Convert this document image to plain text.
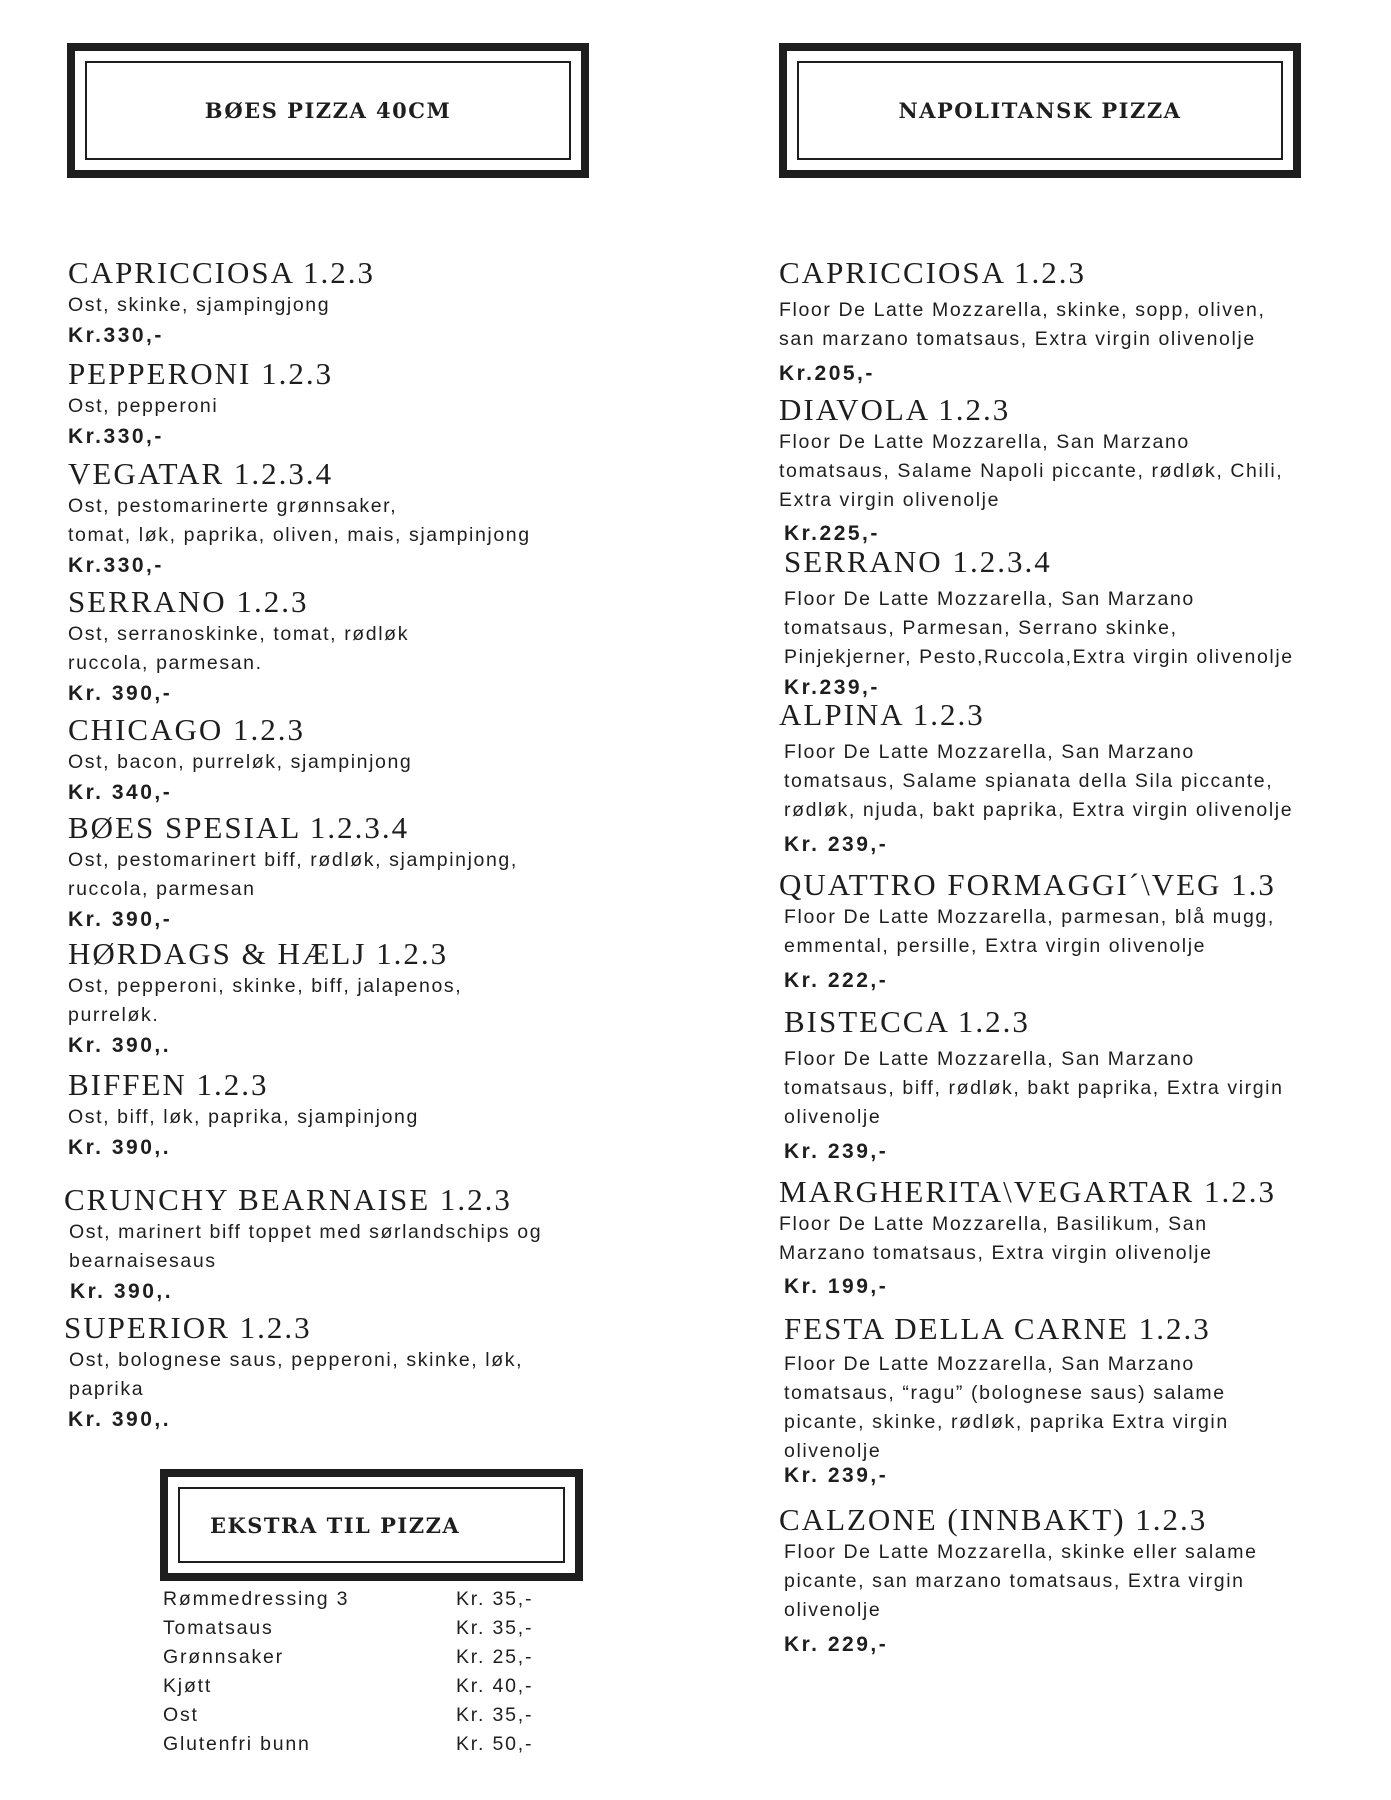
BØES PIZZA 40CM	NAPOLITANSK PIZZA
CAPRICCIOSA 1.2.3
Ost, skinke, sjampingjong
Kr.330,-
PEPPERONI 1.2.3
Ost, pepperoni
Kr.330,-
VEGATAR 1.2.3.4
Ost, pestomarinerte grønnsaker,
tomat, løk, paprika, oliven, mais, sjampinjong
Kr.330,-
SERRANO 1.2.3
Ost, serranoskinke, tomat, rødløk
ruccola, parmesan.
Kr. 390,-
CHICAGO 1.2.3
Ost, bacon, purreløk, sjampinjong
Kr. 340,-
BØES SPESIAL 1.2.3.4
Ost, pestomarinert biff, rødløk, sjampinjong,
ruccola, parmesan
Kr. 390,-
HØRDAGS & HÆLJ 1.2.3
Ost, pepperoni, skinke, biff, jalapenos,
purreløk.
Kr. 390,.
BIFFEN 1.2.3
Ost, biff, løk, paprika, sjampinjong
Kr. 390,.
CRUNCHY BEARNAISE 1.2.3
Ost, marinert biff toppet med sørlandschips og
bearnaisesaus
Kr. 390,.
SUPERIOR 1.2.3
Ost, bolognese saus, pepperoni, skinke, løk,
paprika
Kr. 390,.
CAPRICCIOSA 1.2.3
Floor De Latte Mozzarella, skinke, sopp, oliven,
san marzano tomatsaus, Extra virgin olivenolje
Kr.205,-
DIAVOLA 1.2.3
Floor De Latte Mozzarella, San Marzano
tomatsaus, Salame Napoli piccante, rødløk, Chili,
Extra virgin olivenolje
Kr.225,-
SERRANO 1.2.3.4
Floor De Latte Mozzarella, San Marzano
tomatsaus, Parmesan, Serrano skinke,
Pinjekjerner, Pesto,Ruccola,Extra virgin olivenolje
Kr.239,-
ALPINA 1.2.3
Floor De Latte Mozzarella, San Marzano
tomatsaus, Salame spianata della Sila piccante,
rødløk, njuda, bakt paprika, Extra virgin olivenolje
Kr. 239,-
QUATTRO FORMAGGI´\VEG 1.3
Floor De Latte Mozzarella, parmesan, blå mugg,
emmental, persille, Extra virgin olivenolje
Kr. 222,-
BISTECCA 1.2.3
Floor De Latte Mozzarella, San Marzano
tomatsaus, biff, rødløk, bakt paprika, Extra virgin
olivenolje
Kr. 239,-
MARGHERITA\VEGARTAR 1.2.3
Floor De Latte Mozzarella, Basilikum, San
Marzano tomatsaus, Extra virgin olivenolje
Kr. 199,-
FESTA DELLA CARNE 1.2.3
Floor De Latte Mozzarella, San Marzano
tomatsaus, “ragu” (bolognese saus) salame
picante, skinke, rødløk, paprika Extra virgin
olivenolje
Kr. 239,-
CALZONE (INNBAKT) 1.2.3
Floor De Latte Mozzarella, skinke eller salame
picante, san marzano tomatsaus, Extra virgin
olivenolje
Kr. 229,-
EKSTRA TIL PIZZA
Rømmedressing 3	Kr. 35,-
Tomatsaus	Kr. 35,-
Grønnsaker	Kr. 25,-
Kjøtt	Kr. 40,-
Ost	Kr. 35,-
Glutenfri bunn	Kr. 50,-
